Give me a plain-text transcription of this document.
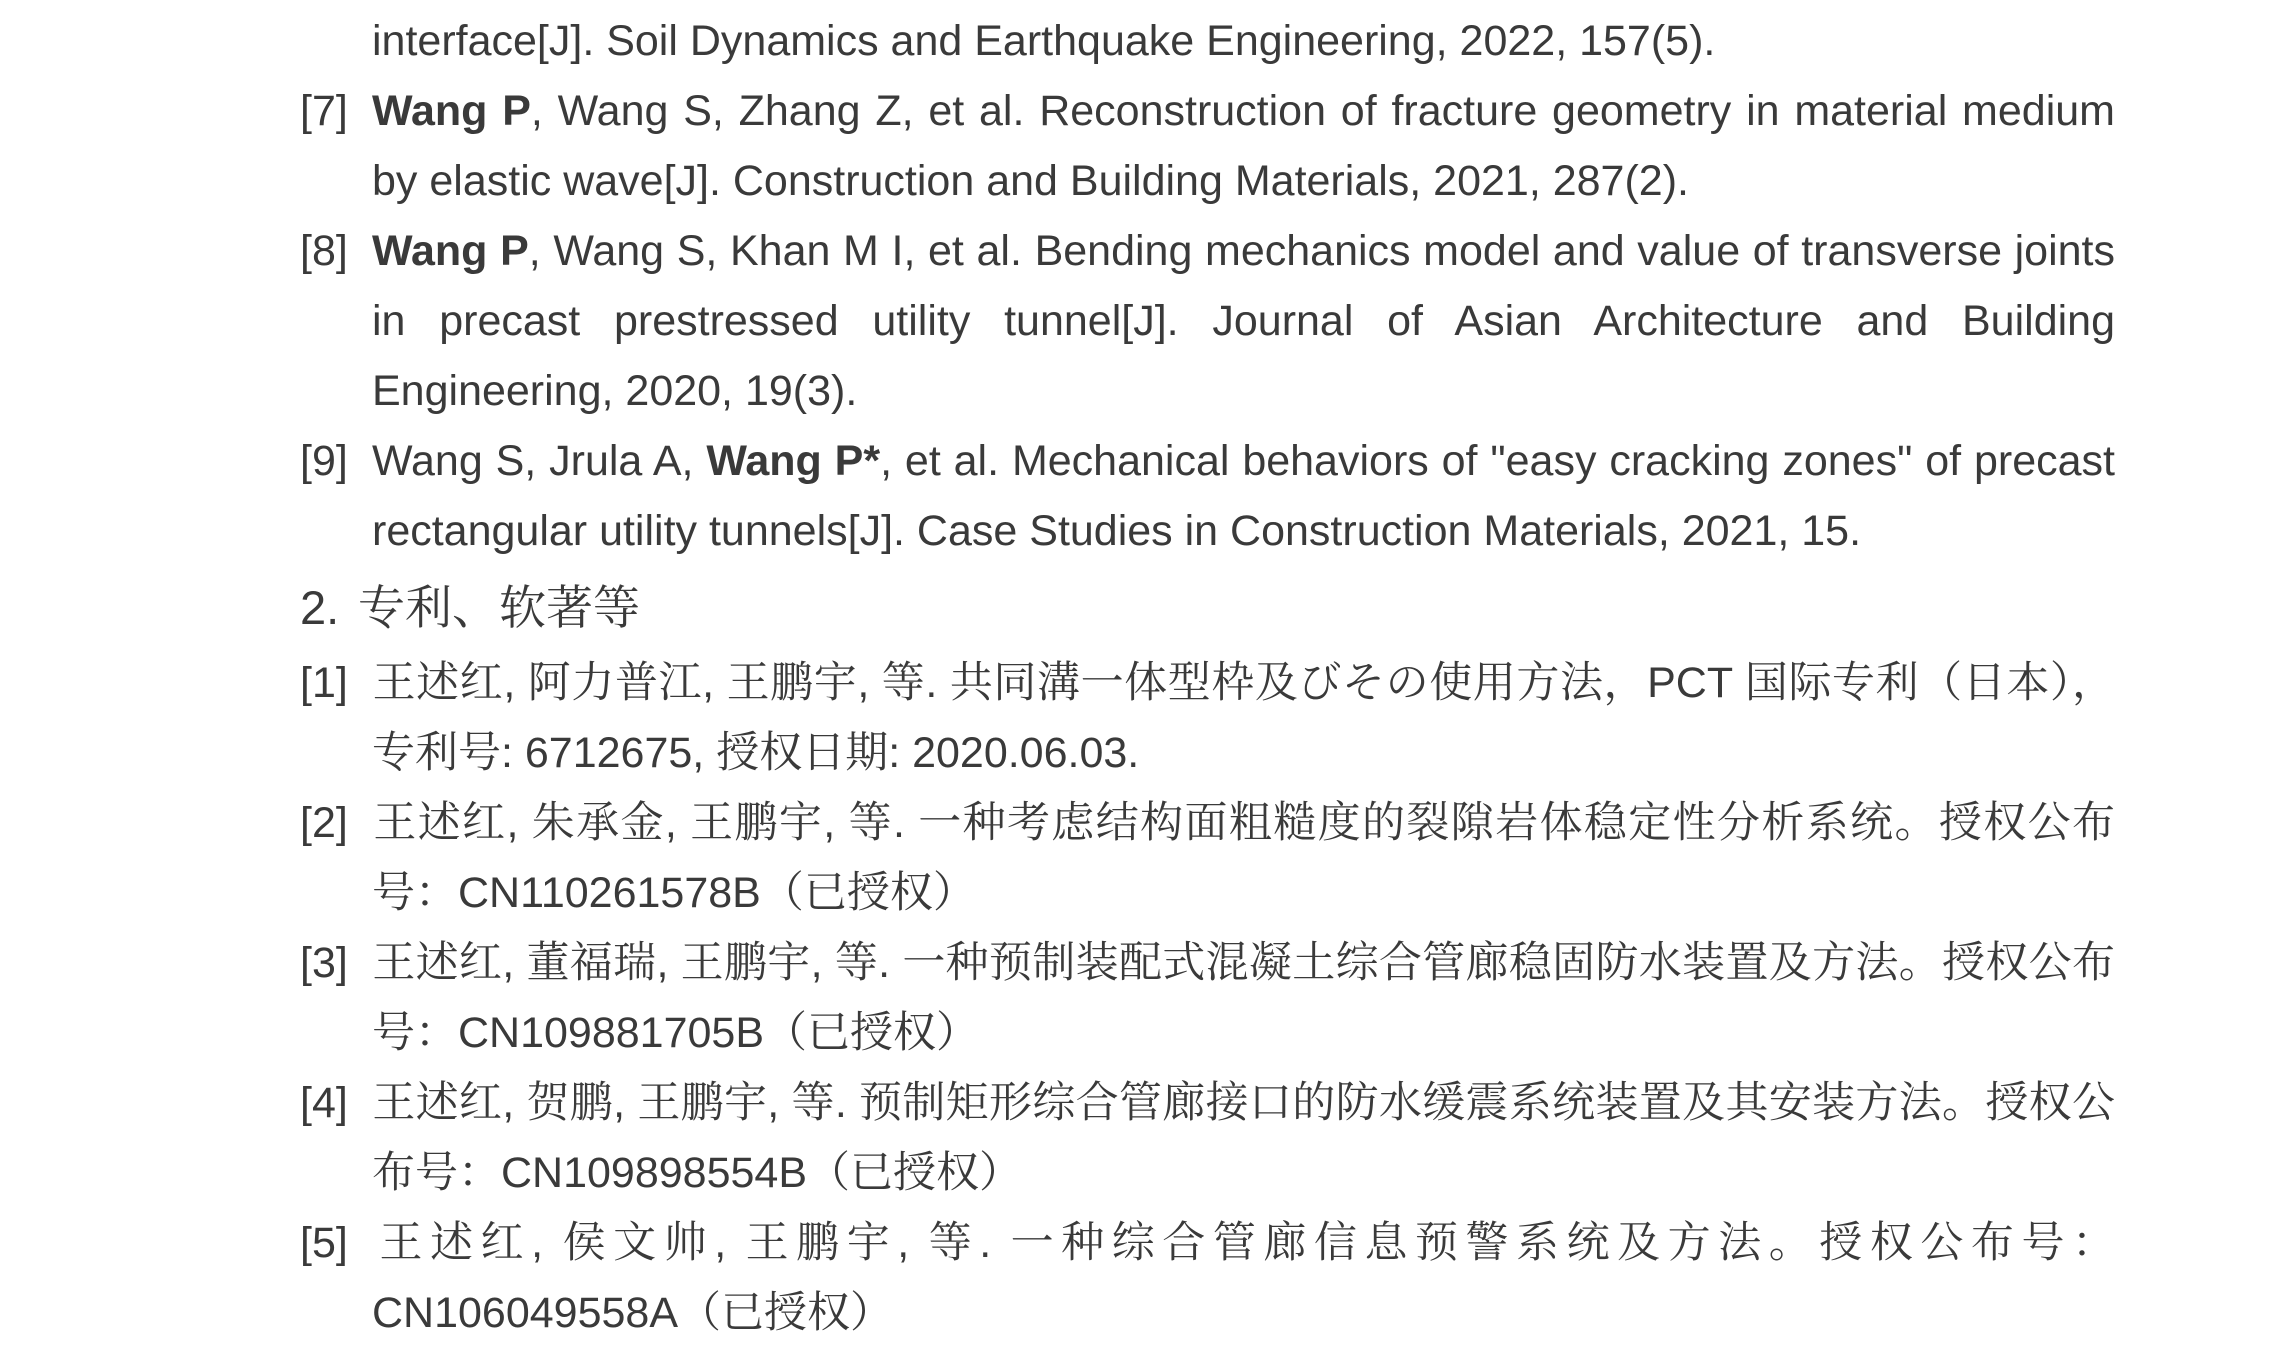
interface[J]. Soil Dynamics and Earthquake Engineering, 2022, 157(5).
[7] Wang P, Wang S, Zhang Z, et al. Reconstruction of fracture geometry in material medium by elastic wave[J]. Construction and Building Materials, 2021, 287(2).
[8] Wang P, Wang S, Khan M I, et al. Bending mechanics model and value of transverse joints in precast prestressed utility tunnel[J]. Journal of Asian Architecture and Building Engineering, 2020, 19(3).
[9] Wang S, Jrula A, Wang P*, et al. Mechanical behaviors of "easy cracking zones" of precast rectangular utility tunnels[J]. Case Studies in Construction Materials, 2021, 15.
2. 专利、软著等
[1] 王述红, 阿力普江, 王鹏宇, 等. 共同溝一体型枠及びその使用方法，PCT 国际专利（日本），专利号: 6712675, 授权日期: 2020.06.03.
[2] 王述红, 朱承金, 王鹏宇, 等. 一种考虑结构面粗糙度的裂隙岩体稳定性分析系统。授权公布号：CN110261578B（已授权）
[3] 王述红, 董福瑞, 王鹏宇, 等. 一种预制装配式混凝土综合管廊稳固防水装置及方法。授权公布号：CN109881705B（已授权）
[4] 王述红, 贺鹏, 王鹏宇, 等. 预制矩形综合管廊接口的防水缓震系统装置及其安装方法。授权公布号：CN109898554B（已授权）
[5] 王述红, 侯文帅, 王鹏宇, 等. 一种综合管廊信息预警系统及方法。授权公布号：CN106049558A（已授权）
